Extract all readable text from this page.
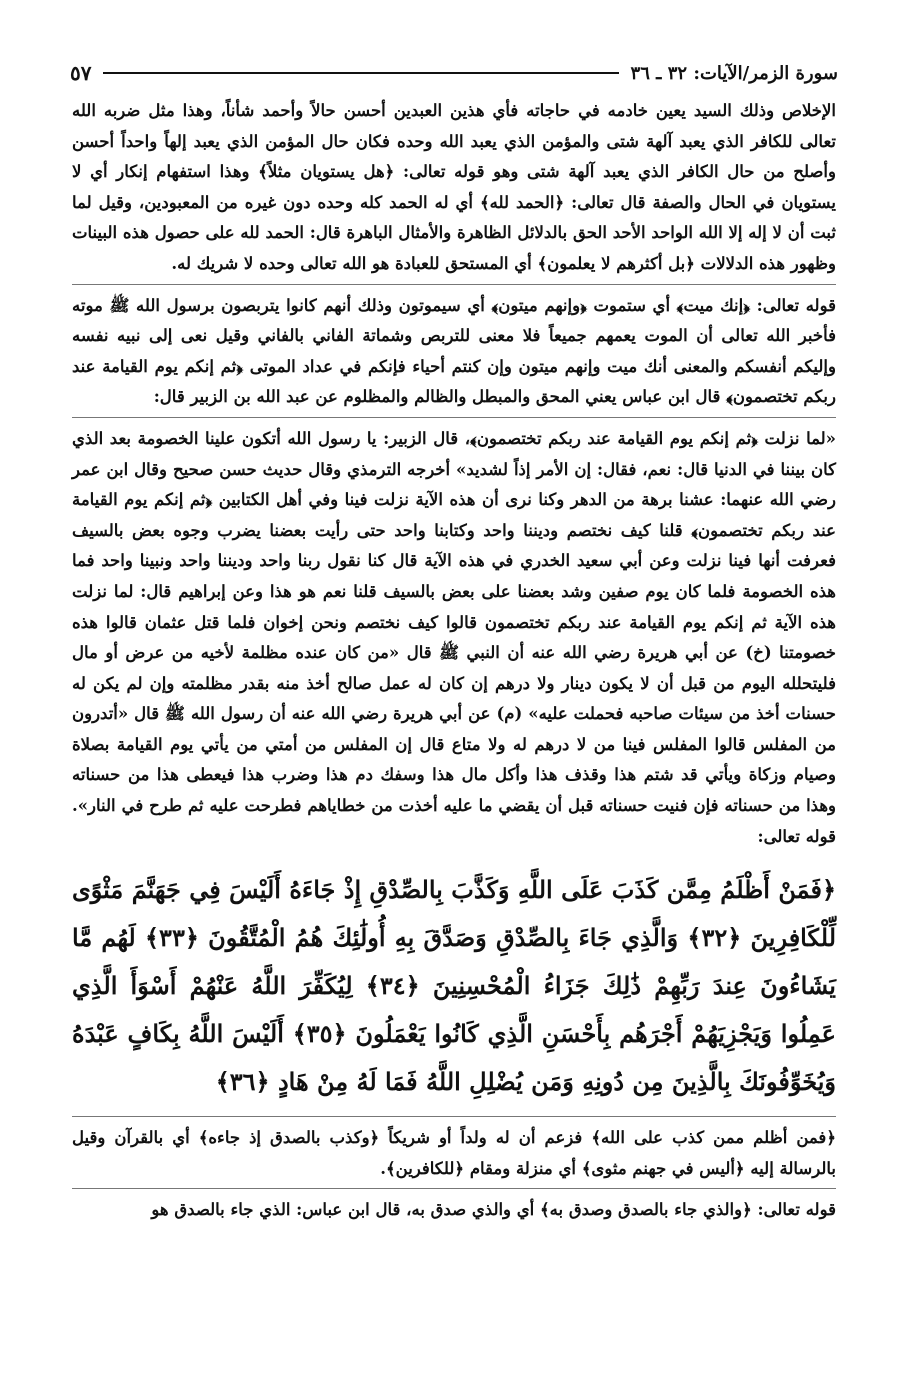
سورة الزمر/الآيات: ٣٢ ـ ٣٦
٥٧

الإخلاص وذلك السيد يعين خادمه في حاجاته فأي هذين العبدين أحسن حالاً وأحمد شأناً، وهذا مثل ضربه الله تعالى للكافر الذي يعبد آلهة شتى والمؤمن الذي يعبد الله وحده فكان حال المؤمن الذي يعبد إلهاً واحداً أحسن وأصلح من حال الكافر الذي يعبد آلهة شتى وهو قوله تعالى: ﴿هل يستويان مثلاً﴾ وهذا استفهام إنكار أي لا يستويان في الحال والصفة قال تعالى: ﴿الحمد لله﴾ أي له الحمد كله وحده دون غيره من المعبودين، وقيل لما ثبت أن لا إله إلا الله الواحد الأحد الحق بالدلائل الظاهرة والأمثال الباهرة قال: الحمد لله على حصول هذه البينات وظهور هذه الدلالات ﴿بل أكثرهم لا يعلمون﴾ أي المستحق للعبادة هو الله تعالى وحده لا شريك له.

قوله تعالى: ﴿إنك ميت﴾ أي ستموت ﴿وإنهم ميتون﴾ أي سيموتون وذلك أنهم كانوا يتربصون برسول الله ﷺ موته فأخبر الله تعالى أن الموت يعمهم جميعاً فلا معنى للتربص وشماتة الفاني بالفاني وقيل نعى إلى نبيه نفسه وإليكم أنفسكم والمعنى أنك ميت وإنهم ميتون وإن كنتم أحياء فإنكم في عداد الموتى ﴿ثم إنكم يوم القيامة عند ربكم تختصمون﴾ قال ابن عباس يعني المحق والمبطل والظالم والمظلوم عن عبد الله بن الزبير قال:

«لما نزلت ﴿ثم إنكم يوم القيامة عند ربكم تختصمون﴾، قال الزبير: يا رسول الله أتكون علينا الخصومة بعد الذي كان بيننا في الدنيا قال: نعم، فقال: إن الأمر إذاً لشديد» أخرجه الترمذي وقال حديث حسن صحيح وقال ابن عمر رضي الله عنهما: عشنا برهة من الدهر وكنا نرى أن هذه الآية نزلت فينا وفي أهل الكتابين ﴿ثم إنكم يوم القيامة عند ربكم تختصمون﴾ قلنا كيف نختصم وديننا واحد وكتابنا واحد حتى رأيت بعضنا يضرب وجوه بعض بالسيف فعرفت أنها فينا نزلت وعن أبي سعيد الخدري في هذه الآية قال كنا نقول ربنا واحد وديننا واحد ونبينا واحد فما هذه الخصومة فلما كان يوم صفين وشد بعضنا على بعض بالسيف قلنا نعم هو هذا وعن إبراهيم قال: لما نزلت هذه الآية ثم إنكم يوم القيامة عند ربكم تختصمون قالوا كيف نختصم ونحن إخوان فلما قتل عثمان قالوا هذه خصومتنا (خ) عن أبي هريرة رضي الله عنه أن النبي ﷺ قال «من كان عنده مظلمة لأخيه من عرض أو مال فليتحلله اليوم من قبل أن لا يكون دينار ولا درهم إن كان له عمل صالح أخذ منه بقدر مظلمته وإن لم يكن له حسنات أخذ من سيئات صاحبه فحملت عليه» (م) عن أبي هريرة رضي الله عنه أن رسول الله ﷺ قال «أتدرون من المفلس قالوا المفلس فينا من لا درهم له ولا متاع قال إن المفلس من أمتي من يأتي يوم القيامة بصلاة وصيام وزكاة ويأتي قد شتم هذا وقذف هذا وأكل مال هذا وسفك دم هذا وضرب هذا فيعطى هذا من حسناته وهذا من حسناته فإن فنيت حسناته قبل أن يقضي ما عليه أخذت من خطاياهم فطرحت عليه ثم طرح في النار». قوله تعالى:

﴿فَمَنْ أَظْلَمُ مِمَّن كَذَبَ عَلَى اللَّهِ وَكَذَّبَ بِالصِّدْقِ إِذْ جَاءَهُ أَلَيْسَ فِي جَهَنَّمَ مَثْوًى لِّلْكَافِرِينَ ﴿٣٢﴾ وَالَّذِي جَاءَ بِالصِّدْقِ وَصَدَّقَ بِهِ أُولَٰئِكَ هُمُ الْمُتَّقُونَ ﴿٣٣﴾ لَهُم مَّا يَشَاءُونَ عِندَ رَبِّهِمْ ذَٰلِكَ جَزَاءُ الْمُحْسِنِينَ ﴿٣٤﴾ لِيُكَفِّرَ اللَّهُ عَنْهُمْ أَسْوَأَ الَّذِي عَمِلُوا وَيَجْزِيَهُمْ أَجْرَهُم بِأَحْسَنِ الَّذِي كَانُوا يَعْمَلُونَ ﴿٣٥﴾ أَلَيْسَ اللَّهُ بِكَافٍ عَبْدَهُ وَيُخَوِّفُونَكَ بِالَّذِينَ مِن دُونِهِ وَمَن يُضْلِلِ اللَّهُ فَمَا لَهُ مِنْ هَادٍ ﴿٣٦﴾

﴿فمن أظلم ممن كذب على الله﴾ فزعم أن له ولداً أو شريكاً ﴿وكذب بالصدق إذ جاءه﴾ أي بالقرآن وقيل بالرسالة إليه ﴿أليس في جهنم مثوى﴾ أي منزلة ومقام ﴿للكافرين﴾.

قوله تعالى: ﴿والذي جاء بالصدق وصدق به﴾ أي والذي صدق به، قال ابن عباس: الذي جاء بالصدق هو
